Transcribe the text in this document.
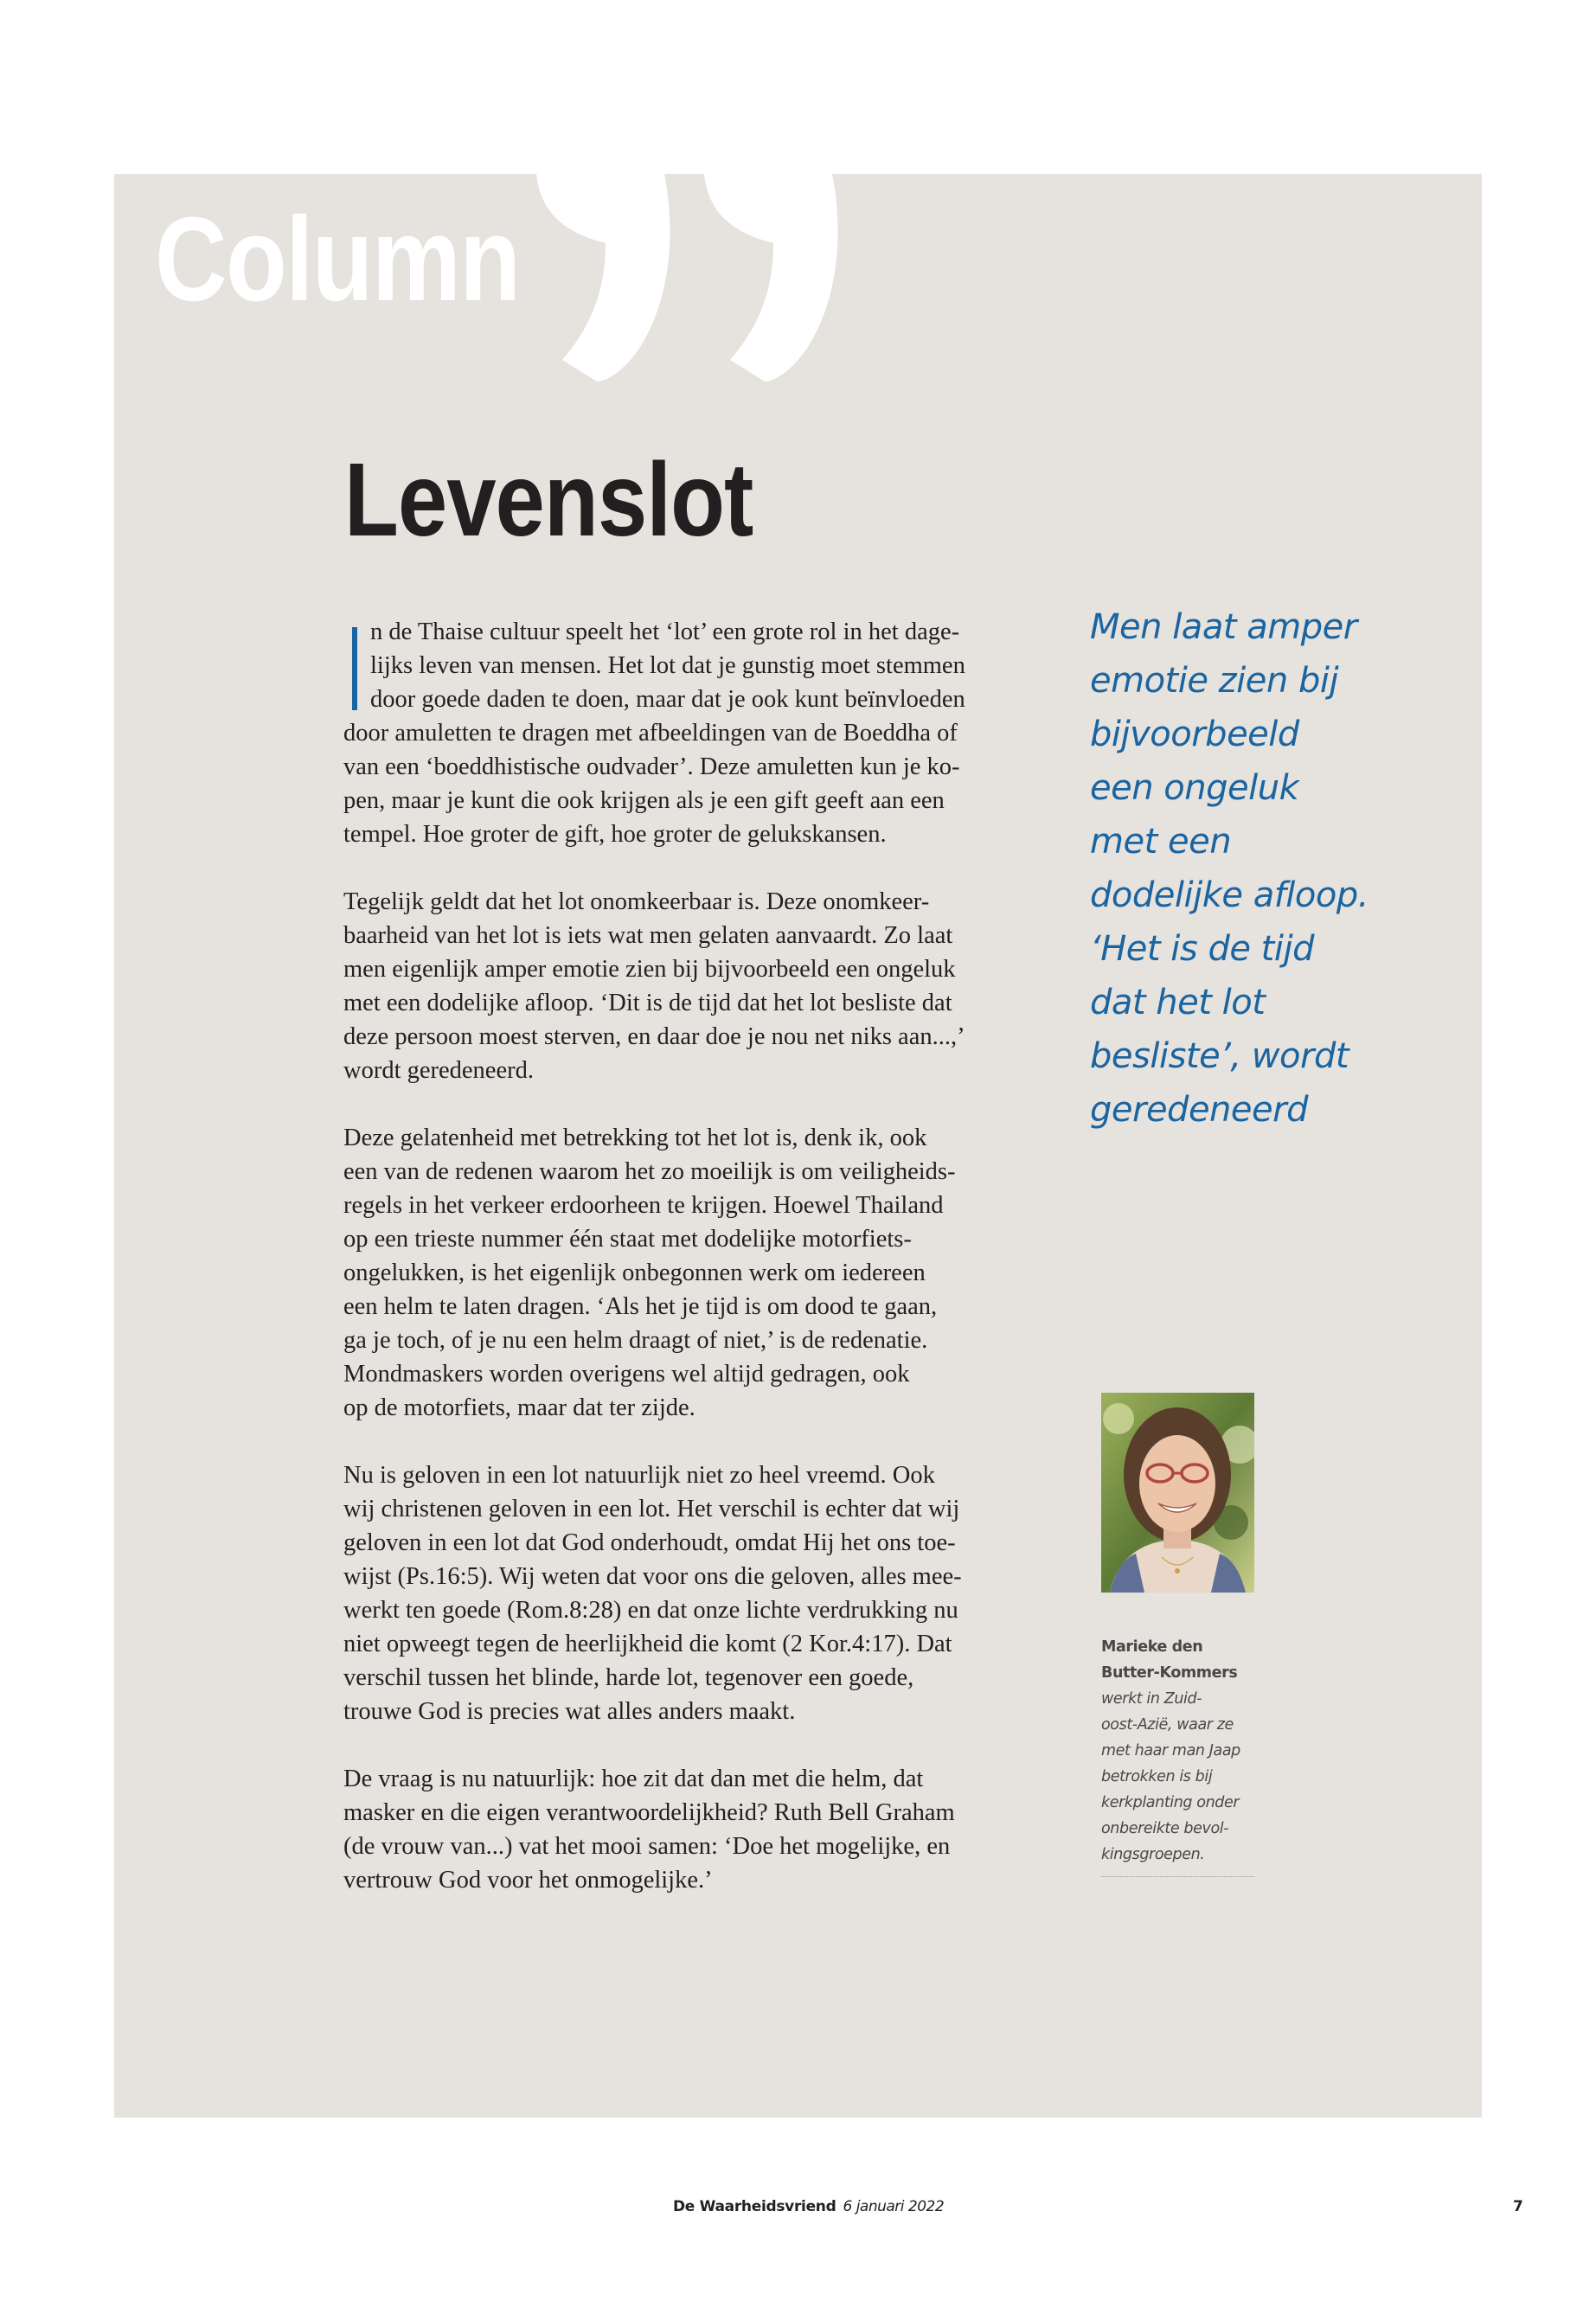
Column
Levenslot

n de Thaise cultuur speelt het ‘lot’ een grote rol in het dage-
lijks leven van mensen. Het lot dat je gunstig moet stemmen
door goede daden te doen, maar dat je ook kunt beïnvloeden
door amuletten te dragen met afbeeldingen van de Boeddha of
van een ‘boeddhistische oudvader’. Deze amuletten kun je ko-
pen, maar je kunt die ook krijgen als je een gift geeft aan een
tempel. Hoe groter de gift, hoe groter de gelukskansen.

Tegelijk geldt dat het lot onomkeerbaar is. Deze onomkeer-
baarheid van het lot is iets wat men gelaten aanvaardt. Zo laat
men eigenlijk amper emotie zien bij bijvoorbeeld een ongeluk
met een dodelijke afloop. ‘Dit is de tijd dat het lot besliste dat
deze persoon moest sterven, en daar doe je nou net niks aan...,’
wordt geredeneerd.

Deze gelatenheid met betrekking tot het lot is, denk ik, ook
een van de redenen waarom het zo moeilijk is om veiligheids-
regels in het verkeer erdoorheen te krijgen. Hoewel Thailand
op een trieste nummer één staat met dodelijke motorfiets-
ongelukken, is het eigenlijk onbegonnen werk om iedereen
een helm te laten dragen. ‘Als het je tijd is om dood te gaan,
ga je toch, of je nu een helm draagt of niet,’ is de redenatie.
Mondmaskers worden overigens wel altijd gedragen, ook
op de motorfiets, maar dat ter zijde.

Nu is geloven in een lot natuurlijk niet zo heel vreemd. Ook
wij christenen geloven in een lot. Het verschil is echter dat wij
geloven in een lot dat God onderhoudt, omdat Hij het ons toe-
wijst (Ps.16:5). Wij weten dat voor ons die geloven, alles mee-
werkt ten goede (Rom.8:28) en dat onze lichte verdrukking nu
niet opweegt tegen de heerlijkheid die komt (2 Kor.4:17). Dat
verschil tussen het blinde, harde lot, tegenover een goede,
trouwe God is precies wat alles anders maakt.

De vraag is nu natuurlijk: hoe zit dat dan met die helm, dat
masker en die eigen verantwoordelijkheid? Ruth Bell Graham
(de vrouw van...) vat het mooi samen: ‘Doe het mogelijke, en
vertrouw God voor het onmogelijke.’

Men laat amper
emotie zien bij
bijvoorbeeld
een ongeluk
met een
dodelijke afloop.
‘Het is de tijd
dat het lot
besliste’, wordt
geredeneerd
Marieke den
Butter-Kommers
werkt in Zuid-
oost-Azië, waar ze
met haar man Jaap
betrokken is bij
kerkplanting onder
onbereikte bevol-
kingsgroepen.
De Waarheidsvriend 6 januari 2022	7
